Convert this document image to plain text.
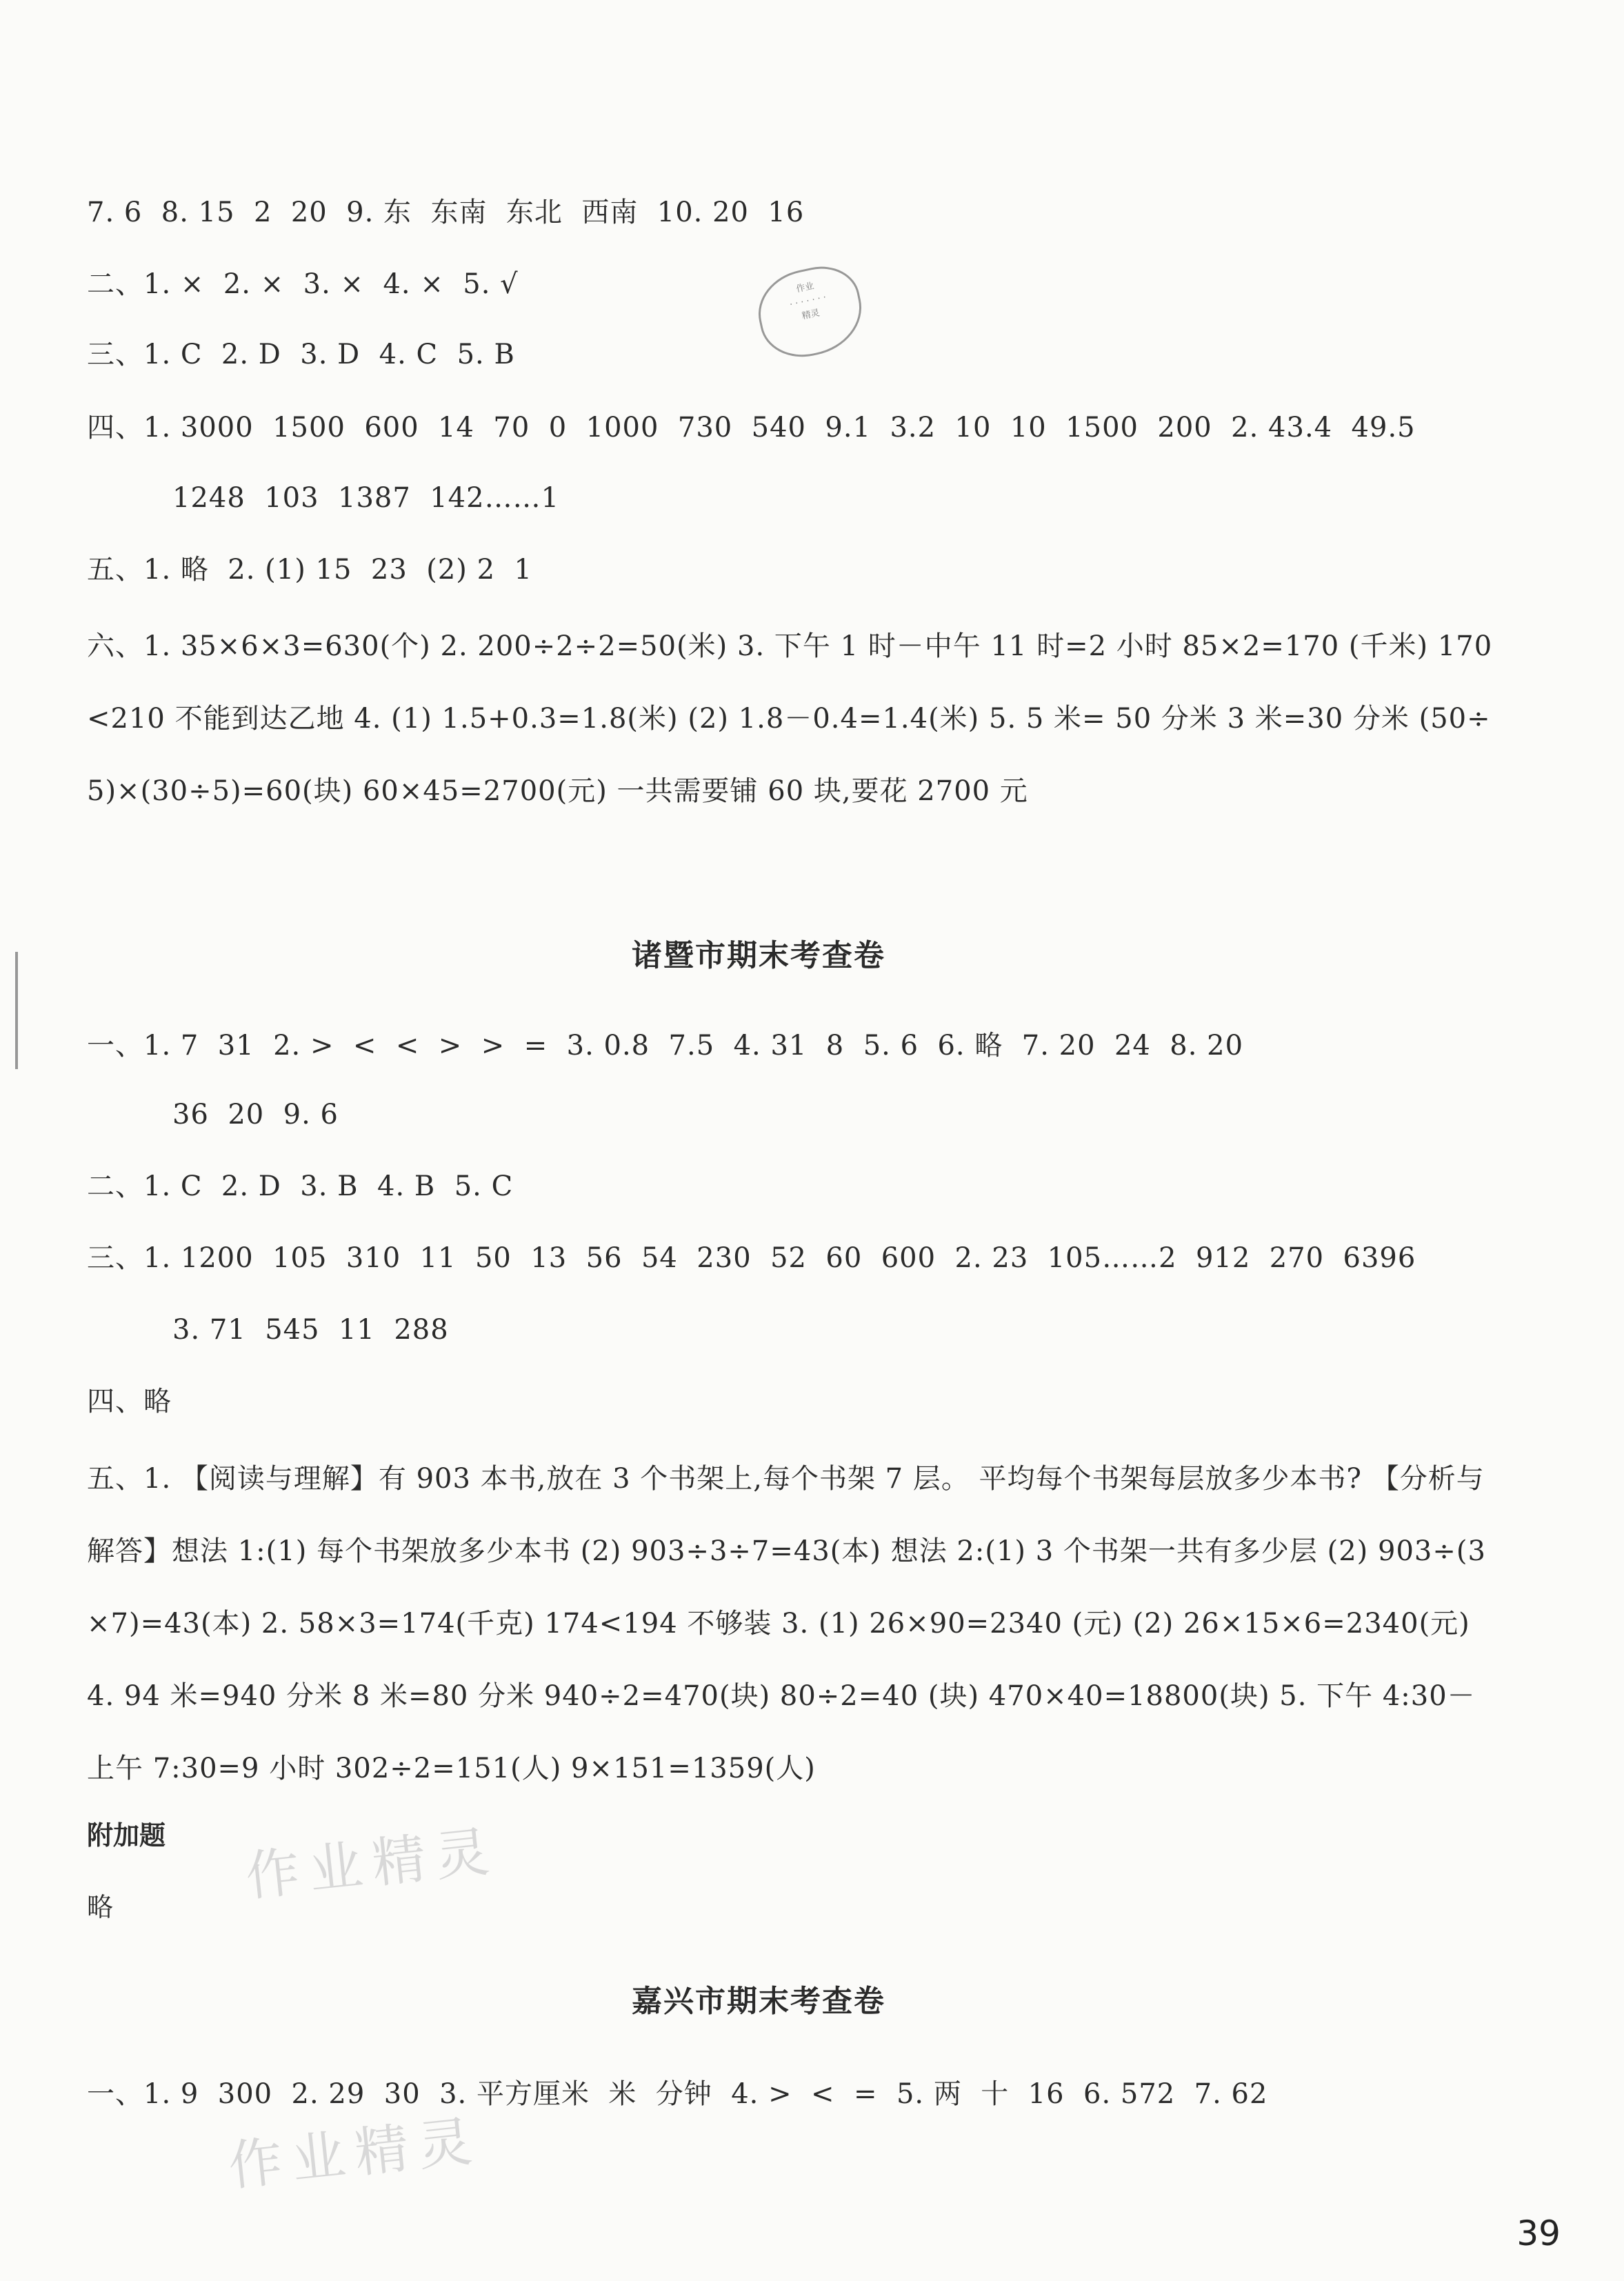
作业
· · · · · · ·
精灵
7. 6  8. 15  2  20  9. 东  东南  东北  西南  10. 20  16
二、1. ×  2. ×  3. ×  4. ×  5. √
三、1. C  2. D  3. D  4. C  5. B
四、1. 3000  1500  600  14  70  0  1000  730  540  9.1  3.2  10  10  1500  200  2. 43.4  49.5
1248  103  1387  142……1
五、1. 略  2. (1) 15  23  (2) 2  1
六、1. 35×6×3=630(个) 2. 200÷2÷2=50(米) 3. 下午 1 时－中午 11 时=2 小时 85×2=170 (千米) 170<210 不能到达乙地 4. (1) 1.5+0.3=1.8(米) (2) 1.8－0.4=1.4(米) 5. 5 米= 50 分米 3 米=30 分米 (50÷5)×(30÷5)=60(块) 60×45=2700(元) 一共需要铺 60 块,要花 2700 元
诸暨市期末考查卷
一、1. 7  31  2. >  <  <  >  >  =  3. 0.8  7.5  4. 31  8  5. 6  6. 略  7. 20  24  8. 20
36  20  9. 6
二、1. C  2. D  3. B  4. B  5. C
三、1. 1200  105  310  11  50  13  56  54  230  52  60  600  2. 23  105……2  912  270  6396
3. 71  545  11  288
四、略
五、1. 【阅读与理解】有 903 本书,放在 3 个书架上,每个书架 7 层。 平均每个书架每层放多少本书? 【分析与解答】想法 1:(1) 每个书架放多少本书 (2) 903÷3÷7=43(本) 想法 2:(1) 3 个书架一共有多少层 (2) 903÷(3×7)=43(本) 2. 58×3=174(千克) 174<194 不够装 3. (1) 26×90=2340 (元) (2) 26×15×6=2340(元) 4. 94 米=940 分米 8 米=80 分米 940÷2=470(块) 80÷2=40 (块) 470×40=18800(块) 5. 下午 4:30－上午 7:30=9 小时 302÷2=151(人) 9×151=1359(人)
附加题
略
嘉兴市期末考查卷
一、1. 9  300  2. 29  30  3. 平方厘米  米  分钟  4. >  <  =  5. 两  十  16  6. 572  7. 62
作业精灵
作业精灵
39
